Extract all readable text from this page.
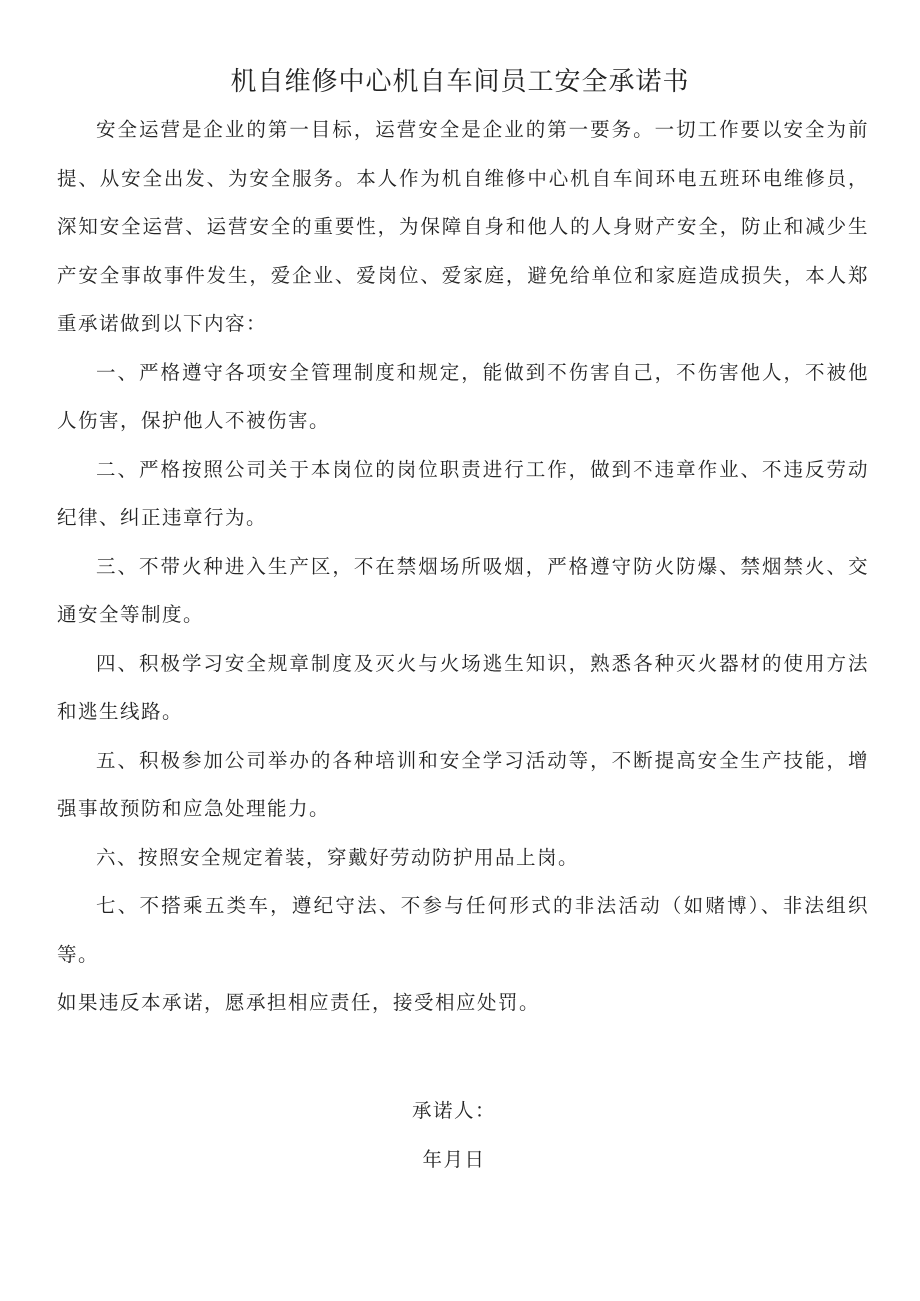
机自维修中心机自车间员工安全承诺书

安全运营是企业的第一目标，运营安全是企业的第一要务。一切工作要以安全为前提、从安全出发、为安全服务。本人作为机自维修中心机自车间环电五班环电维修员，深知安全运营、运营安全的重要性，为保障自身和他人的人身财产安全，防止和减少生产安全事故事件发生，爱企业、爱岗位、爱家庭，避免给单位和家庭造成损失，本人郑重承诺做到以下内容：

一、严格遵守各项安全管理制度和规定，能做到不伤害自己，不伤害他人，不被他人伤害，保护他人不被伤害。

二、严格按照公司关于本岗位的岗位职责进行工作，做到不违章作业、不违反劳动纪律、纠正违章行为。

三、不带火种进入生产区，不在禁烟场所吸烟，严格遵守防火防爆、禁烟禁火、交通安全等制度。

四、积极学习安全规章制度及灭火与火场逃生知识，熟悉各种灭火器材的使用方法和逃生线路。

五、积极参加公司举办的各种培训和安全学习活动等，不断提高安全生产技能，增强事故预防和应急处理能力。

六、按照安全规定着装，穿戴好劳动防护用品上岗。

七、不搭乘五类车，遵纪守法、不参与任何形式的非法活动（如赌博）、非法组织等。

如果违反本承诺，愿承担相应责任，接受相应处罚。

承诺人：
年月日
